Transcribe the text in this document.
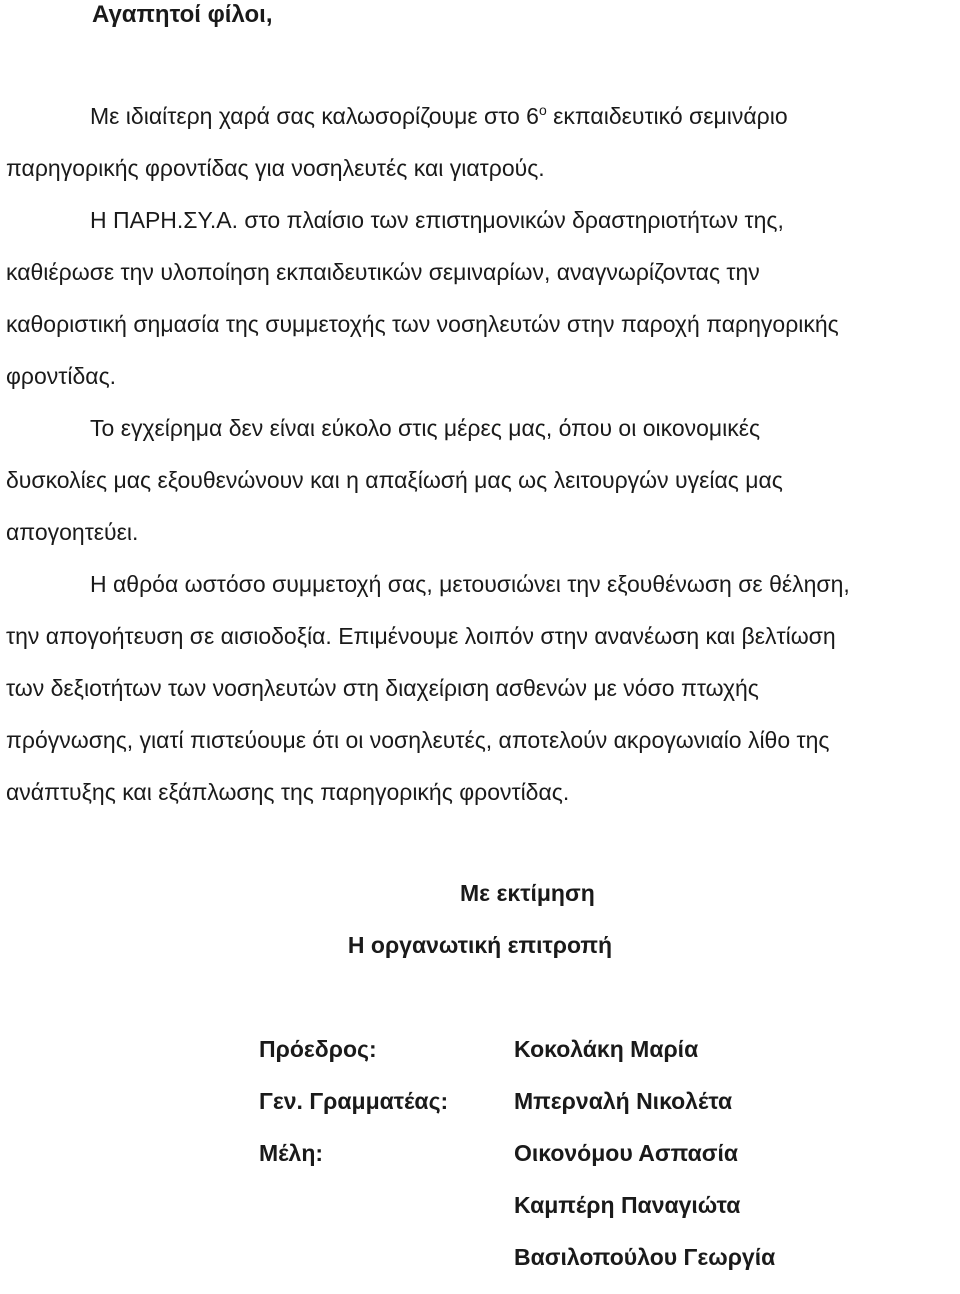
Αγαπητοί φίλοι,
Με ιδιαίτερη χαρά σας καλωσορίζουμε στο $6^o$ εκπαιδευτικό σεμινάριο
παρηγορικής φροντίδας για νοσηλευτές και γιατρούς.
Η ΠΑΡΗ.ΣΥ.Α. στο πλαίσιο των επιστημονικών δραστηριοτήτων της,
καθιέρωσε την υλοποίηση εκπαιδευτικών σεμιναρίων, αναγνωρίζοντας την
καθοριστική σημασία της συμμετοχής των νοσηλευτών στην παροχή παρηγορικής
φροντίδας.
Το εγχείρημα δεν είναι εύκολο στις μέρες μας, όπου οι οικονομικές
δυσκολίες μας εξουθενώνουν και η απαξίωσή μας ως λειτουργών υγείας μας
απογοητεύει.
Η αθρόα ωστόσο συμμετοχή σας, μετουσιώνει την εξουθένωση σε θέληση,
την απογοήτευση σε αισιοδοξία. Επιμένουμε λοιπόν στην ανανέωση και βελτίωση
των δεξιοτήτων των νοσηλευτών στη διαχείριση ασθενών με νόσο πτωχής
πρόγνωσης, γιατί πιστεύουμε ότι οι νοσηλευτές, αποτελούν ακρογωνιαίο λίθο της
ανάπτυξης και εξάπλωσης της παρηγορικής φροντίδας.
Με εκτίμηση
Η οργανωτική επιτροπή
Πρόεδρος:	Κοκολάκη Μαρία
Γεν. Γραμματέας:	Μπερναλή Νικολέτα
Μέλη:	Οικονόμου Ασπασία
Καμπέρη Παναγιώτα
Βασιλοπούλου Γεωργία
